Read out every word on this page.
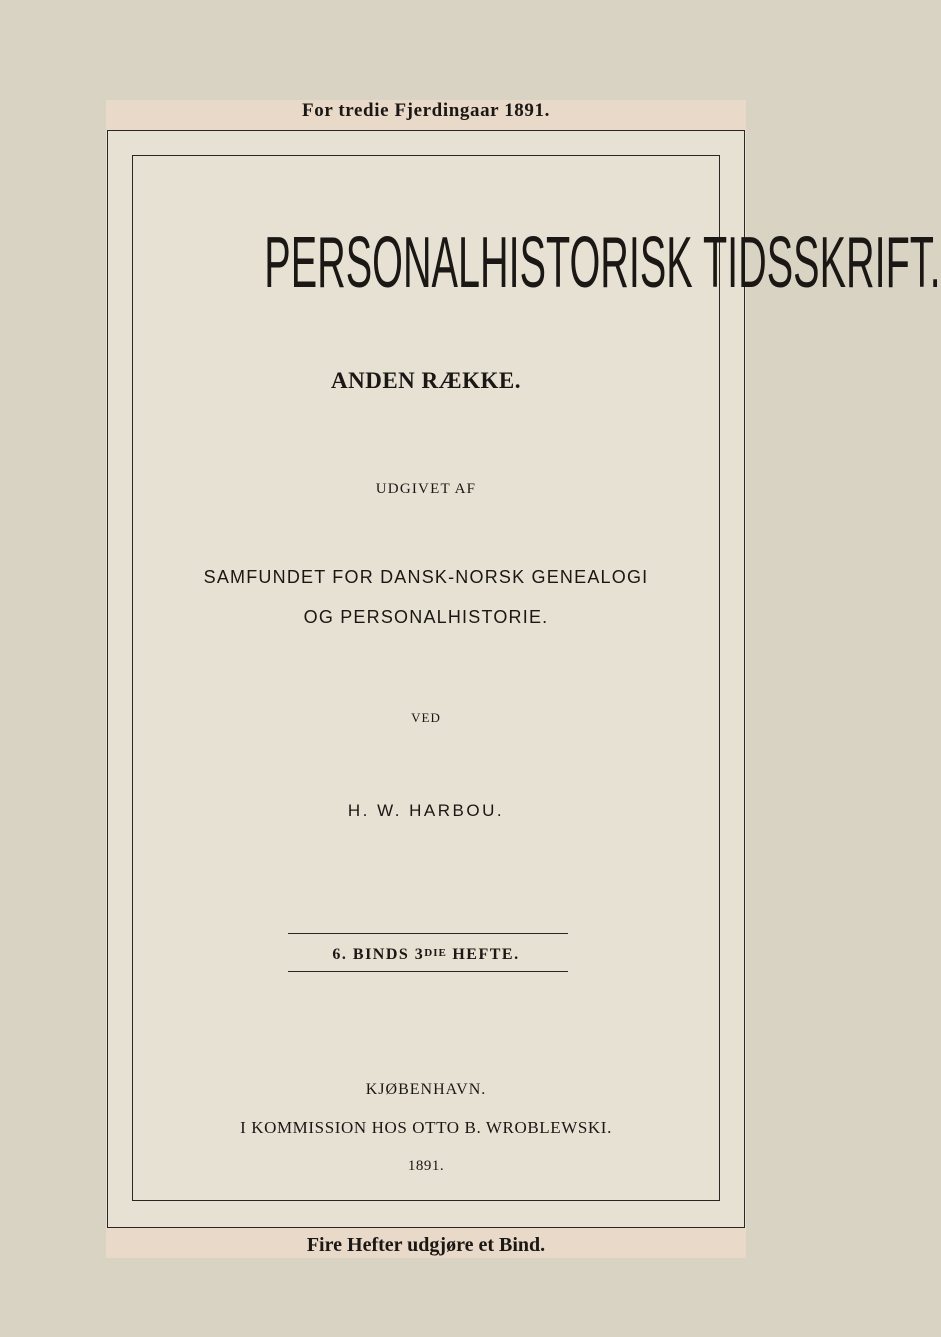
For tredie Fjerdingaar 1891.
PERSONALHISTORISK TIDSSKRIFT.
ANDEN RÆKKE.
UDGIVET AF
SAMFUNDET FOR DANSK-NORSK GENEALOGI
OG PERSONALHISTORIE.
VED
H. W. HARBOU.
6. BINDS $3^{DIE}$ HEFTE.
KJØBENHAVN.
I KOMMISSION HOS OTTO B. WROBLEWSKI.
1891.
Fire Hefter udgjøre et Bind.
